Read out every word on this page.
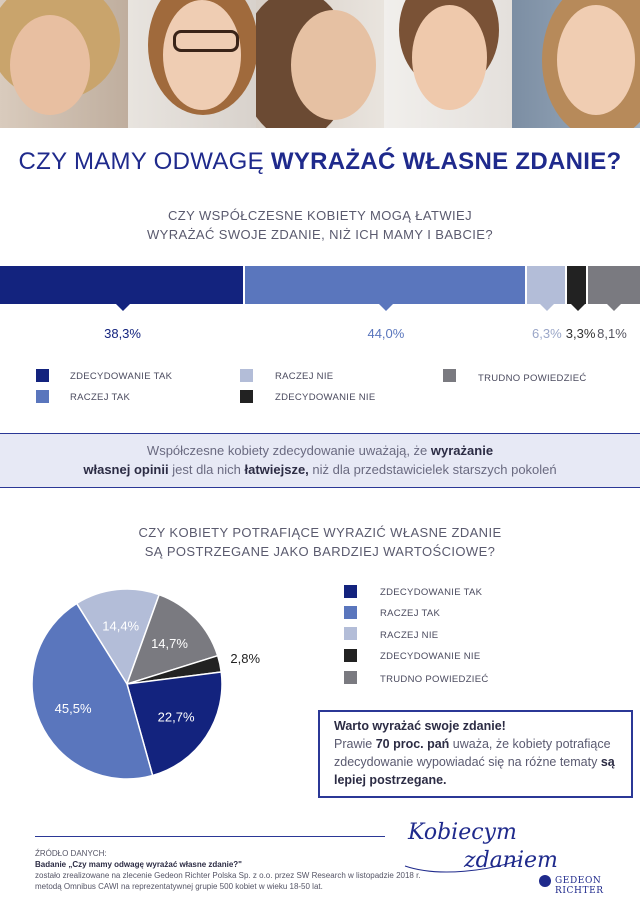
CZY MAMY ODWAGĘ WYRAŻAĆ WŁASNE ZDANIE?
CZY WSPÓŁCZESNE KOBIETY MOGĄ ŁATWIEJ
WYRAŻAĆ SWOJE ZDANIE, NIŻ ICH MAMY I BABCIE?
38,3%	44,0%	6,3% 3,3% 8,1%
ZDECYDOWANIE TAK
RACZEJ TAK
RACZEJ NIE
ZDECYDOWANIE NIE
TRUDNO POWIEDZIEĆ
Współczesne kobiety zdecydowanie uważają, że wyrażanie
własnej opinii jest dla nich łatwiejsze, niż dla przedstawicielek starszych pokoleń
CZY KOBIETY POTRAFIĄCE WYRAZIĆ WŁASNE ZDANIE
SĄ POSTRZEGANE JAKO BARDZIEJ WARTOŚCIOWE?
14,4%
14,7%
2,8%
22,7%
45,5%
ZDECYDOWANIE TAK
RACZEJ TAK
RACZEJ NIE
ZDECYDOWANIE NIE
TRUDNO POWIEDZIEĆ
Warto wyrażać swoje zdanie!
Prawie 70 proc. pań uważa, że kobiety potrafiące zdecydowanie wypowiadać się na różne tematy są lepiej postrzegane.
ŹRÓDŁO DANYCH:
Badanie „Czy mamy odwagę wyrażać własne zdanie?"
zostało zrealizowane na zlecenie Gedeon Richter Polska Sp. z o.o. przez SW Research w listopadzie 2018 r.
metodą Omnibus CAWI na reprezentatywnej grupie 500 kobiet w wieku 18-50 lat.
Kobiecym
zdaniem
GEDEON RICHTER
